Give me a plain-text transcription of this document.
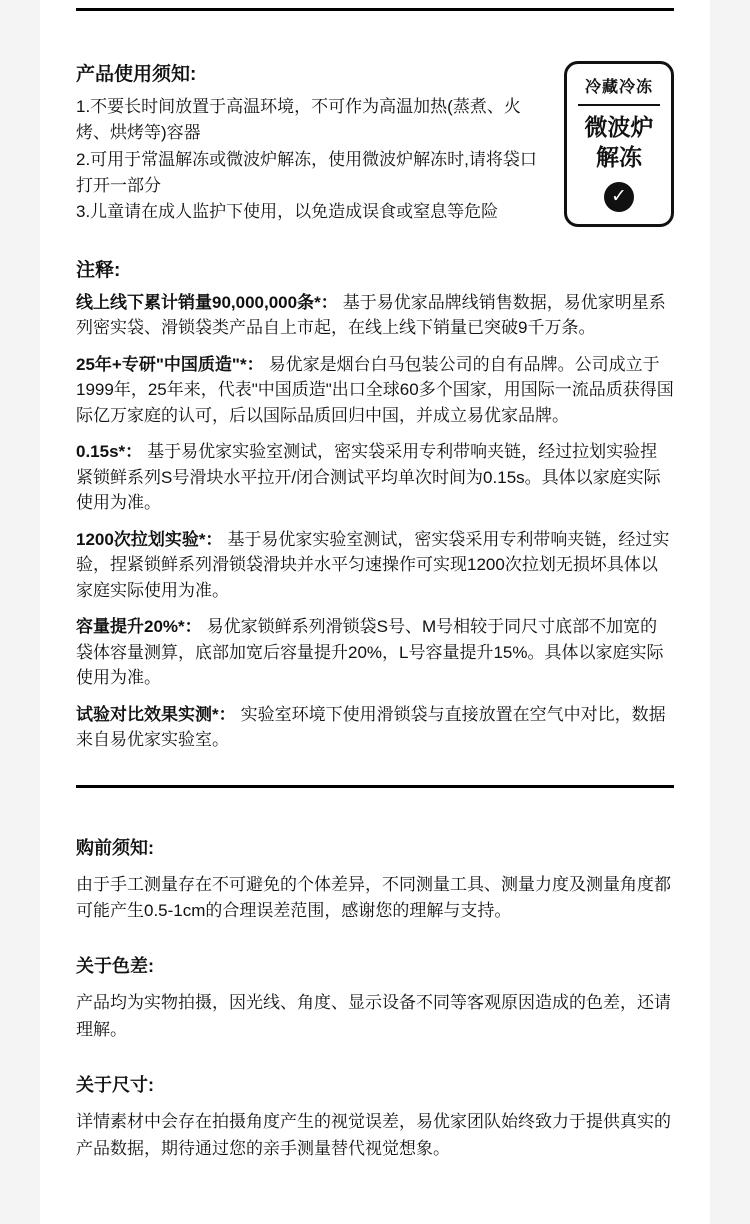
产品使用须知:

1.不要长时间放置于高温环境，不可作为高温加热(蒸煮、火烤、烘烤等)容器

2.可用于常温解冻或微波炉解冻，使用微波炉解冻时,请将袋口打开一部分

3.儿童请在成人监护下使用，以免造成误食或窒息等危险

冷藏冷冻
微波炉
解冻
✓
注释:

线上线下累计销量90,000,000条*： 基于易优家品牌线销售数据，易优家明星系列密实袋、滑锁袋类产品自上市起，在线上线下销量已突破9千万条。

25年+专研"中国质造"*： 易优家是烟台白马包装公司的自有品牌。公司成立于1999年，25年来，代表"中国质造"出口全球60多个国家，用国际一流品质获得国际亿万家庭的认可，后以国际品质回归中国，并成立易优家品牌。

0.15s*： 基于易优家实验室测试，密实袋采用专利带响夹链，经过拉划实验捏紧锁鲜系列S号滑块水平拉开/闭合测试平均单次时间为0.15s。具体以家庭实际使用为准。

1200次拉划实验*： 基于易优家实验室测试，密实袋采用专利带响夹链，经过实验，捏紧锁鲜系列滑锁袋滑块并水平匀速操作可实现1200次拉划无损坏具体以家庭实际使用为准。

容量提升20%*： 易优家锁鲜系列滑锁袋S号、M号相较于同尺寸底部不加宽的袋体容量测算，底部加宽后容量提升20%，L号容量提升15%。具体以家庭实际使用为准。

试验对比效果实测*： 实验室环境下使用滑锁袋与直接放置在空气中对比，数据来自易优家实验室。

购前须知:

由于手工测量存在不可避免的个体差异，不同测量工具、测量力度及测量角度都可能产生0.5-1cm的合理误差范围，感谢您的理解与支持。

关于色差:

产品均为实物拍摄，因光线、角度、显示设备不同等客观原因造成的色差，还请理解。

关于尺寸:

详情素材中会存在拍摄角度产生的视觉误差，易优家团队始终致力于提供真实的产品数据，期待通过您的亲手测量替代视觉想象。
